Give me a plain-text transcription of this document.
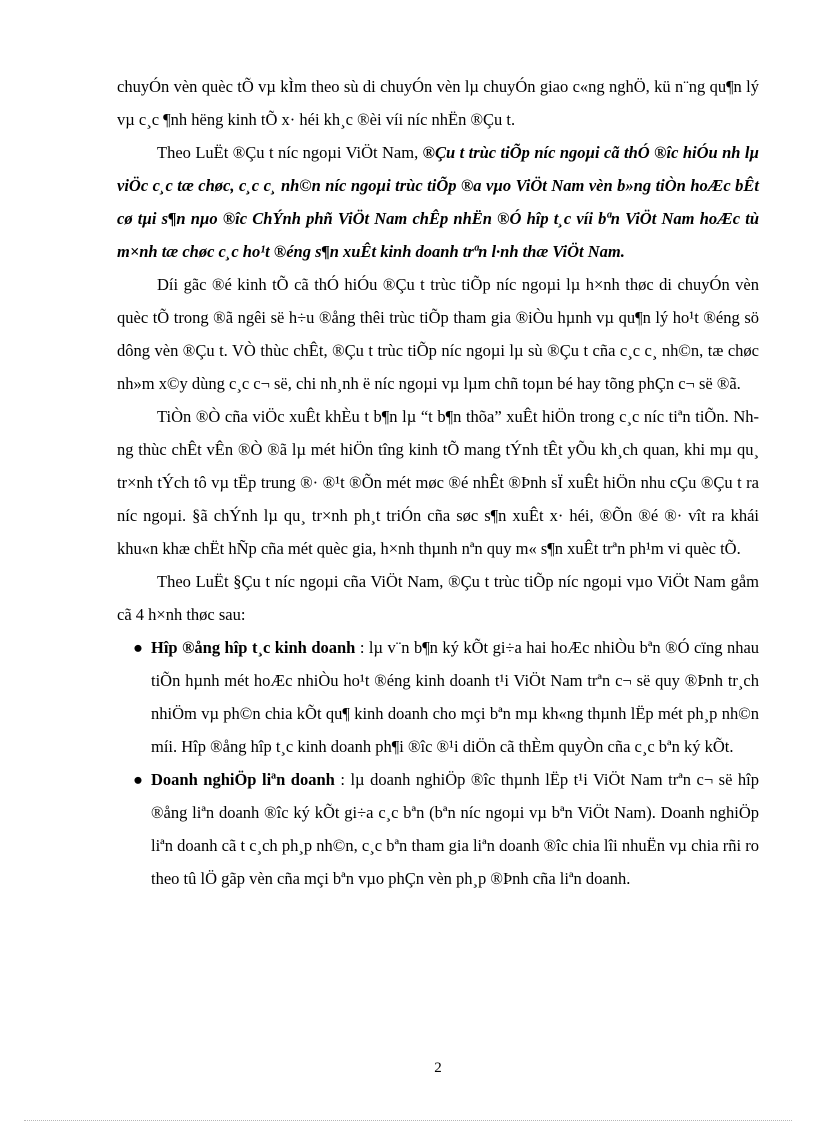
chuyÓn vèn quèc tÕ vµ kÌm theo sù di chuyÓn vèn lµ chuyÓn giao c«ng nghÖ, kü n¨ng qu¶n lý vµ c¸c ¶nh hëng kinh tÕ x· héi kh¸c ®èi víi níc nhËn ®Çu t.

Theo LuËt ®Çu t níc ngoµi ViÖt Nam, ®Çu t trùc tiÕp níc ngoµi cã thÓ ®îc hiÓu nh lµ viÖc c¸c tæ chøc, c¸c c¸ nh©n níc ngoµi trùc tiÕp ®a vµo ViÖt Nam vèn b»ng tiÒn hoÆc bÊt cø tµi s¶n nµo ®îc ChÝnh phñ ViÖt Nam chÊp nhËn ®Ó hîp t¸c víi bªn ViÖt Nam hoÆc tù m×nh tæ chøc c¸c ho¹t ®éng s¶n xuÊt kinh doanh trªn l·nh thæ ViÖt Nam.

Díi gãc ®é kinh tÕ cã thÓ hiÓu ®Çu t trùc tiÕp níc ngoµi lµ h×nh thøc di chuyÓn vèn quèc tÕ trong ®ã ngêi së h÷u ®ång thêi trùc tiÕp tham gia ®iÒu hµnh vµ qu¶n lý ho¹t ®éng sö dông vèn ®Çu t. VÒ thùc chÊt, ®Çu t trùc tiÕp níc ngoµi lµ sù ®Çu t cña c¸c c¸ nh©n, tæ chøc nh»m x©y dùng c¸c c¬ së, chi nh¸nh ë níc ngoµi vµ lµm chñ toµn bé hay tõng phÇn c¬ së ®ã.

TiÒn ®Ò cña viÖc xuÊt khÈu t b¶n lµ “t b¶n thõa” xuÊt hiÖn trong c¸c níc tiªn tiÕn. Nhng thùc chÊt vÊn ®Ò ®ã lµ mét hiÖn tîng kinh tÕ mang tÝnh tÊt yÕu kh¸ch quan, khi mµ qu¸ tr×nh tÝch tô vµ tËp trung ®· ®¹t ®Õn mét møc ®é nhÊt ®Þnh sÏ xuÊt hiÖn nhu cÇu ®Çu t ra níc ngoµi. §ã chÝnh lµ qu¸ tr×nh ph¸t triÓn cña søc s¶n xuÊt x· héi, ®Õn ®é ®· vît ra khái khu«n khæ chËt hÑp cña mét quèc gia, h×nh thµnh nªn quy m« s¶n xuÊt trªn ph¹m vi quèc tÕ.

Theo LuËt §Çu t níc ngoµi cña ViÖt Nam, ®Çu t trùc tiÕp níc ngoµi vµo ViÖt Nam gåm cã 4 h×nh thøc sau:

● Hîp ®ång hîp t¸c kinh doanh : lµ v¨n b¶n ký kÕt gi÷a hai hoÆc nhiÒu bªn ®Ó cïng nhau tiÕn hµnh mét hoÆc nhiÒu ho¹t ®éng kinh doanh t¹i ViÖt Nam trªn c¬ së quy ®Þnh tr¸ch nhiÖm vµ ph©n chia kÕt qu¶ kinh doanh cho mçi bªn mµ kh«ng thµnh lËp mét ph¸p nh©n míi. Hîp ®ång hîp t¸c kinh doanh ph¶i ®îc ®¹i diÖn cã thÈm quyÒn cña c¸c bªn ký kÕt.

● Doanh nghiÖp liªn doanh : lµ doanh nghiÖp ®îc thµnh lËp t¹i ViÖt Nam trªn c¬ së hîp ®ång liªn doanh ®îc ký kÕt gi÷a c¸c bªn (bªn níc ngoµi vµ bªn ViÖt Nam). Doanh nghiÖp liªn doanh cã t c¸ch ph¸p nh©n, c¸c bªn tham gia liªn doanh ®îc chia lîi nhuËn vµ chia rñi ro theo tû lÖ gãp vèn cña mçi bªn vµo phÇn vèn ph¸p ®Þnh cña liªn doanh.

2
